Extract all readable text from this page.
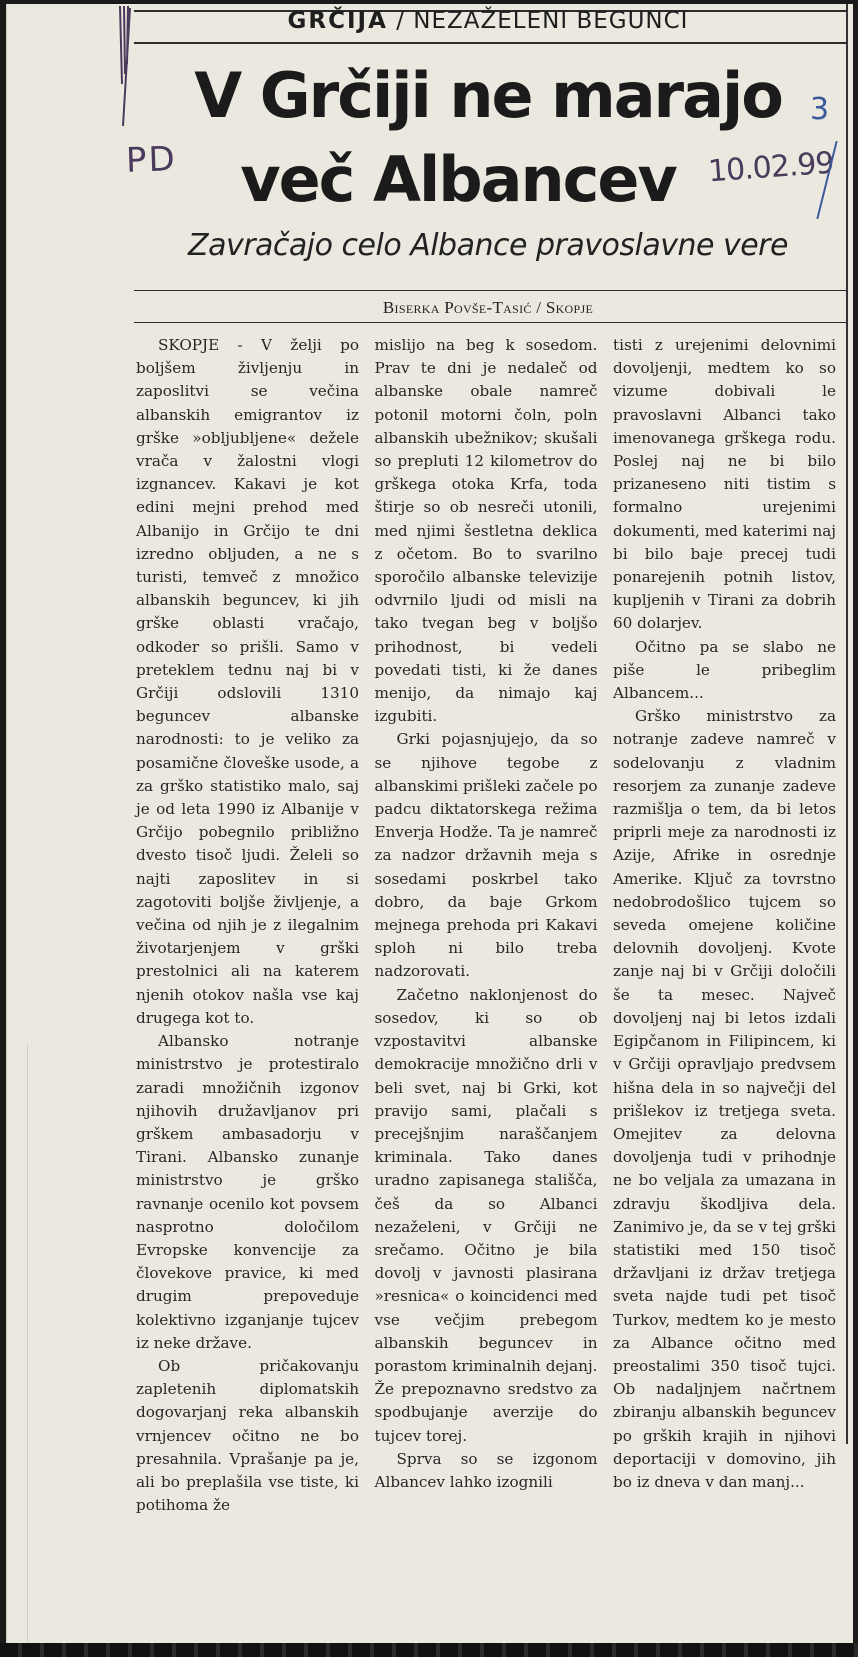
GRČIJA / NEZAŽELENI BEGUNCI
V Grčiji ne marajo
več Albancev
Zavračajo celo Albance pravoslavne vere
Biserka Povše-Tasić / Skopje

SKOPJE - V želji po boljšem življenju in zaposlitvi se večina albanskih emigrantov iz grške »obljubljene« dežele vrača v žalostni vlogi izgnancev. Kakavi je kot edini mejni prehod med Albanijo in Grčijo te dni izredno obljuden, a ne s turisti, temveč z množico albanskih beguncev, ki jih grške oblasti vračajo, odkoder so prišli. Samo v preteklem tednu naj bi v Grčiji odslovili 1310 beguncev albanske narodnosti: to je veliko za posamične človeške usode, a za grško statistiko malo, saj je od leta 1990 iz Albanije v Grčijo pobegnilo približno dvesto tisoč ljudi. Želeli so najti zaposlitev in si zagotoviti boljše življenje, a večina od njih je z ilegalnim životarjenjem v grški prestolnici ali na katerem njenih otokov našla vse kaj drugega kot to.

Albansko notranje ministrstvo je protestiralo zaradi množičnih izgonov njihovih družavljanov pri grškem ambasadorju v Tirani. Albansko zunanje ministrstvo je grško ravnanje ocenilo kot povsem nasprotno določilom Evropske konvencije za človekove pravice, ki med drugim prepoveduje kolektivno izganjanje tujcev iz neke države.

Ob pričakovanju zapletenih diplomatskih dogovarjanj reka albanskih vrnjencev očitno ne bo presahnila. Vprašanje pa je, ali bo preplašila vse tiste, ki potihoma že

mislijo na beg k sosedom. Prav te dni je nedaleč od albanske obale namreč potonil motorni čoln, poln albanskih ubežnikov; skušali so prepluti 12 kilometrov do grškega otoka Krfa, toda štirje so ob nesreči utonili, med njimi šestletna deklica z očetom. Bo to svarilno sporočilo albanske televizije odvrnilo ljudi od misli na tako tvegan beg v boljšo prihodnost, bi vedeli povedati tisti, ki že danes menijo, da nimajo kaj izgubiti.

Grki pojasnjujejo, da so se njihove tegobe z albanskimi prišleki začele po padcu diktatorskega režima Enverja Hodže. Ta je namreč za nadzor državnih meja s sosedami poskrbel tako dobro, da baje Grkom mejnega prehoda pri Kakavi sploh ni bilo treba nadzorovati.

Začetno naklonjenost do sosedov, ki so ob vzpostavitvi albanske demokracije množično drli v beli svet, naj bi Grki, kot pravijo sami, plačali s precejšnjim naraščanjem kriminala. Tako danes uradno zapisanega stališča, češ da so Albanci nezaželeni, v Grčiji ne srečamo. Očitno je bila dovolj v javnosti plasirana »resnica« o koincidenci med vse večjim prebegom albanskih beguncev in porastom kriminalnih dejanj. Že prepoznavno sredstvo za spodbujanje averzije do tujcev torej.

Sprva so se izgonom Albancev lahko izognili

tisti z urejenimi delovnimi dovoljenji, medtem ko so vizume dobivali le pravoslavni Albanci tako imenovanega grškega rodu. Poslej naj ne bi bilo prizaneseno niti tistim s formalno urejenimi dokumenti, med katerimi naj bi bilo baje precej tudi ponarejenih potnih listov, kupljenih v Tirani za dobrih 60 dolarjev.

Očitno pa se slabo ne piše le pribeglim Albancem...

Grško ministrstvo za notranje zadeve namreč v sodelovanju z vladnim resorjem za zunanje zadeve razmišlja o tem, da bi letos priprli meje za narodnosti iz Azije, Afrike in osrednje Amerike. Ključ za tovrstno nedobrodošlico tujcem so seveda omejene količine delovnih dovoljenj. Kvote zanje naj bi v Grčiji določili še ta mesec. Največ dovoljenj naj bi letos izdali Egipčanom in Filipincem, ki v Grčiji opravljajo predvsem hišna dela in so največji del prišlekov iz tretjega sveta. Omejitev za delovna dovoljenja tudi v prihodnje ne bo veljala za umazana in zdravju škodljiva dela. Zanimivo je, da se v tej grški statistiki med 150 tisoč državljani iz držav tretjega sveta najde tudi pet tisoč Turkov, medtem ko je mesto za Albance očitno med preostalimi 350 tisoč tujci. Ob nadaljnjem načrtnem zbiranju albanskih beguncev po grških krajih in njihovi deportaciji v domovino, jih bo iz dneva v dan manj...

PD	10.02.99
3
